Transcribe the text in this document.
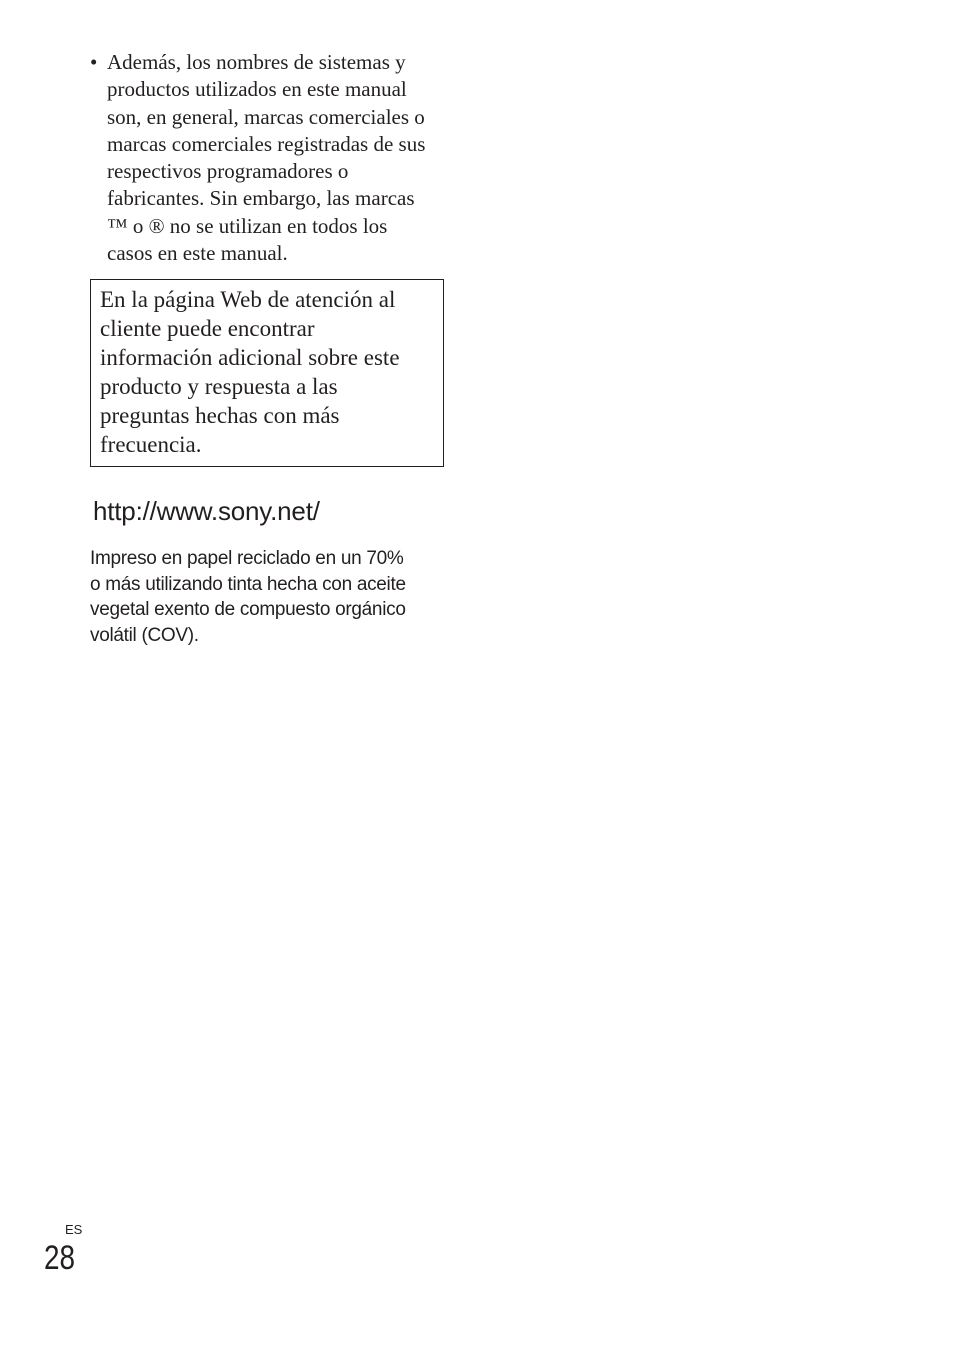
• Además, los nombres de sistemas y
productos utilizados en este manual
son, en general, marcas comerciales o
marcas comerciales registradas de sus
respectivos programadores o
fabricantes. Sin embargo, las marcas
™ o ® no se utilizan en todos los
casos en este manual.
En la página Web de atención al
cliente puede encontrar
información adicional sobre este
producto y respuesta a las
preguntas hechas con más
frecuencia.
http://www.sony.net/
Impreso en papel reciclado en un 70%
o más utilizando tinta hecha con aceite
vegetal exento de compuesto orgánico
volátil (COV).
ES
28
